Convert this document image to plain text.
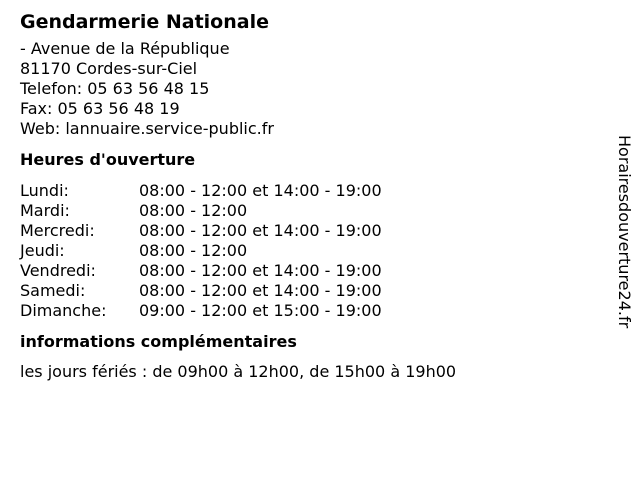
Gendarmerie Nationale
- Avenue de la République
81170 Cordes-sur-Ciel
Telefon: 05 63 56 48 15
Fax: 05 63 56 48 19
Web: lannuaire.service-public.fr
Heures d'ouverture
Lundi:	08:00 - 12:00 et 14:00 - 19:00
Mardi:	08:00 - 12:00
Mercredi:	08:00 - 12:00 et 14:00 - 19:00
Jeudi:	08:00 - 12:00
Vendredi:	08:00 - 12:00 et 14:00 - 19:00
Samedi:	08:00 - 12:00 et 14:00 - 19:00
Dimanche:	09:00 - 12:00 et 15:00 - 19:00
informations complémentaires
les jours fériés : de 09h00 à 12h00, de 15h00 à 19h00
Horairesdouverture24.fr
